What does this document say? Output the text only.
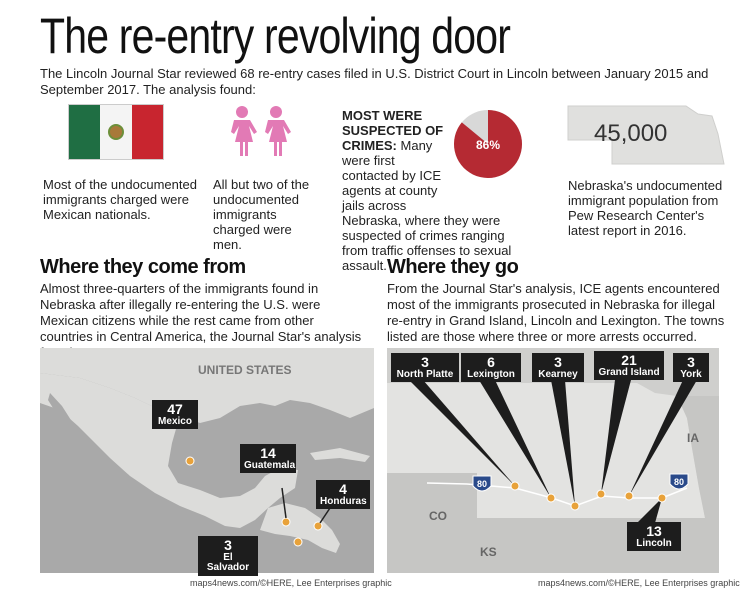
The re-entry revolving door
The Lincoln Journal Star reviewed 68 re-entry cases filed in U.S. District Court in Lincoln between January 2015 and September 2017. The analysis found:
Most of the undocumented immigrants charged were Mexican nationals.
All but two of the undocumented immigrants charged were men.
MOST WERE SUSPECTED OF CRIMES: Many were first contacted by ICE agents at county jails across
Nebraska, where they were suspected of crimes ranging from traffic offenses to sexual assault.
86%	45,000
Nebraska's undocumented immigrant population from Pew Research Center's latest report in 2016.
Where they come from
Almost three-quarters of the immigrants found in Nebraska after illegally re-entering the U.S. were Mexican citizens while the rest came from other countries in Central America, the Journal Star's analysis
Where they go
From the Journal Star's analysis, ICE agents encountered most of the immigrants prosecuted in Nebraska for illegal re-entry in Grand Island, Lincoln and Lexington. The towns listed are those where three or more arrests occurred.
UNITED STATES
47
Mexico
14
Guatemala
4
Honduras
3
El Salvador
maps4news.com/©HERE, Lee Enterprises graphic
IA
CO
KS
80	80
3
North Platte
6
Lexington
3
Kearney
21
Grand Island
3
York
13
Lincoln
maps4news.com/©HERE, Lee Enterprises graphic
